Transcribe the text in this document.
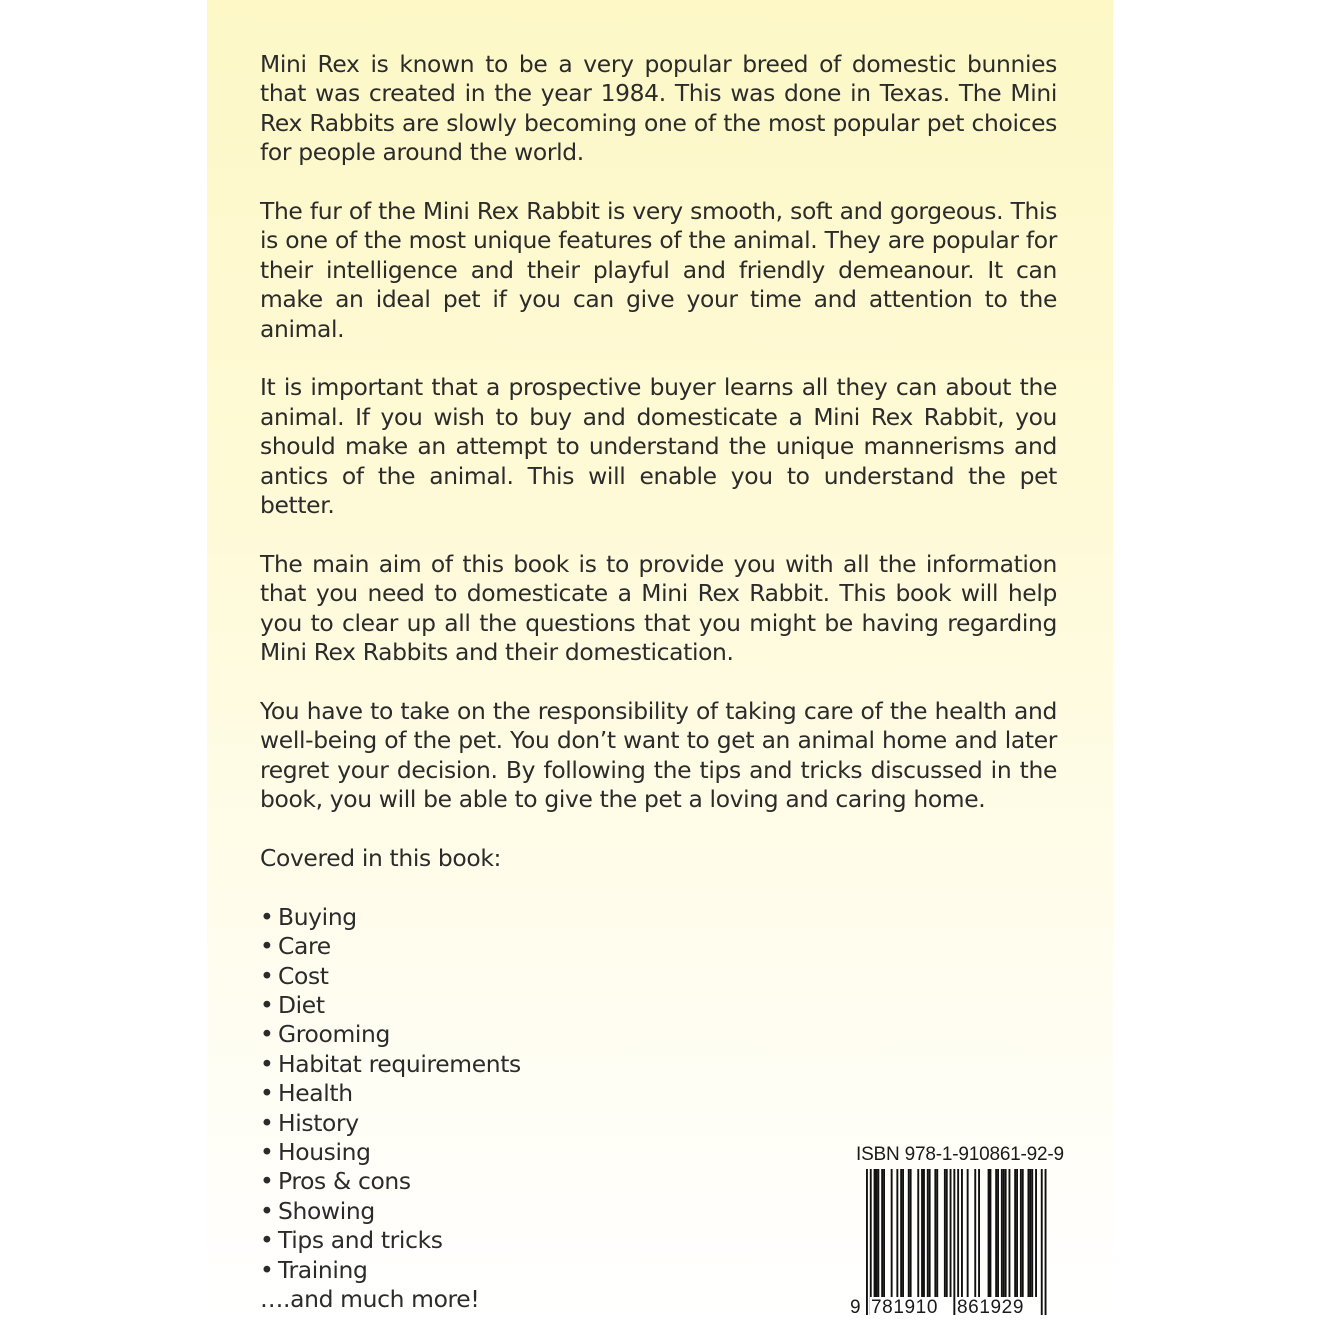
Mini Rex is known to be a very popular breed of domestic bunnies that was created in the year 1984. This was done in Texas. The Mini Rex Rabbits are slowly becoming one of the most popular pet choices for people around the world.

The fur of the Mini Rex Rabbit is very smooth, soft and gorgeous. This is one of the most unique features of the animal. They are popular for their intelligence and their playful and friendly demeanour. It can make an ideal pet if you can give your time and attention to the animal.

It is important that a prospective buyer learns all they can about the animal. If you wish to buy and domesticate a Mini Rex Rabbit, you should make an attempt to understand the unique mannerisms and antics of the animal. This will enable you to understand the pet better.

The main aim of this book is to provide you with all the information that you need to domesticate a Mini Rex Rabbit. This book will help you to clear up all the questions that you might be having regarding Mini Rex Rabbits and their domestication.

You have to take on the responsibility of taking care of the health and well-being of the pet. You don’t want to get an animal home and later regret your decision. By following the tips and tricks discussed in the book, you will be able to give the pet a loving and caring home.

Covered in this book:
• Buying
• Care
• Cost
• Diet
• Grooming
• Habitat requirements
• Health
• History
• Housing
• Pros & cons
• Showing
• Tips and tricks
• Training
….and much more!
ISBN 978-1-910861-92-9
9 781910 861929
